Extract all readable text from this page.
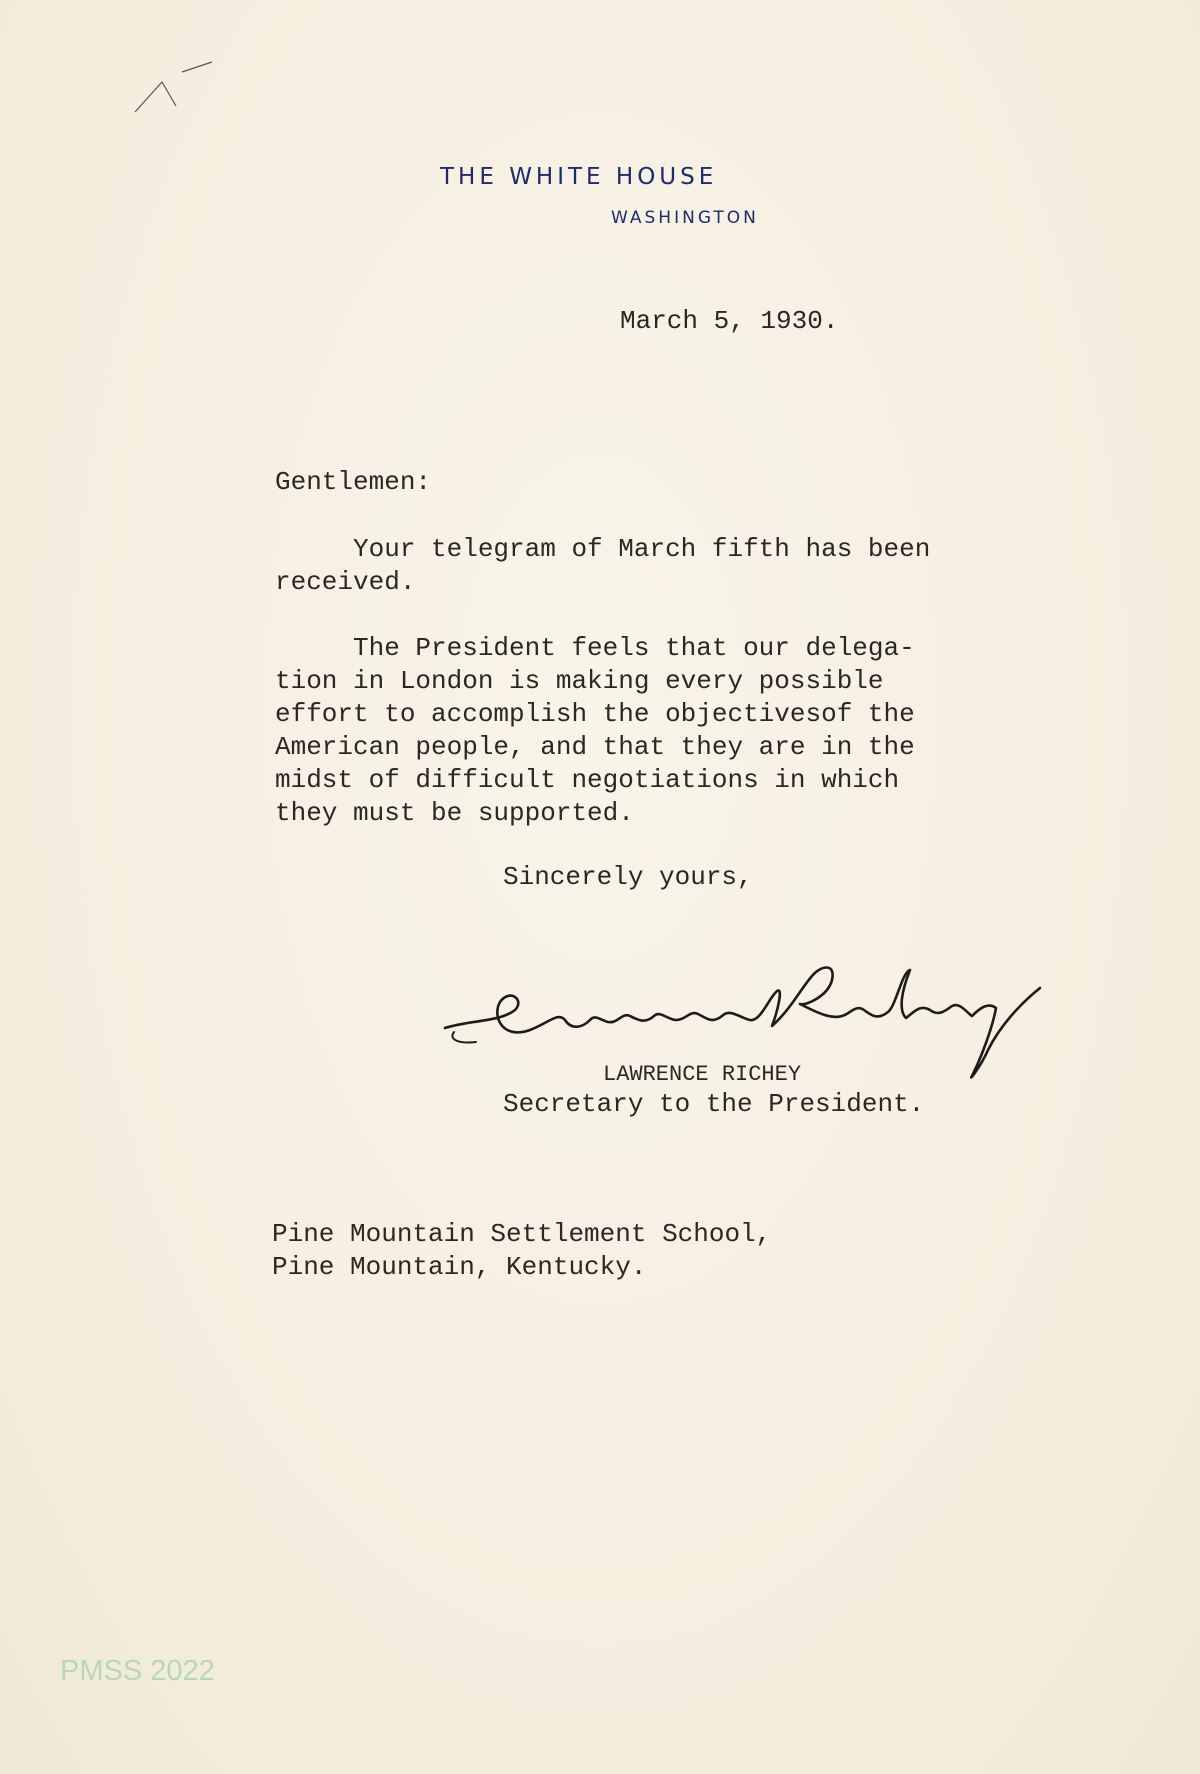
THE WHITE HOUSE
WASHINGTON
March 5, 1930.
Gentlemen:
Your telegram of March fifth has been
received.
The President feels that our delega-
tion in London is making every possible
effort to accomplish the objectivesof the
American people, and that they are in the
midst of difficult negotiations in which
they must be supported.
Sincerely yours,
LAWRENCE RICHEY
Secretary to the President.
Pine Mountain Settlement School,
Pine Mountain, Kentucky.
PMSS 2022
